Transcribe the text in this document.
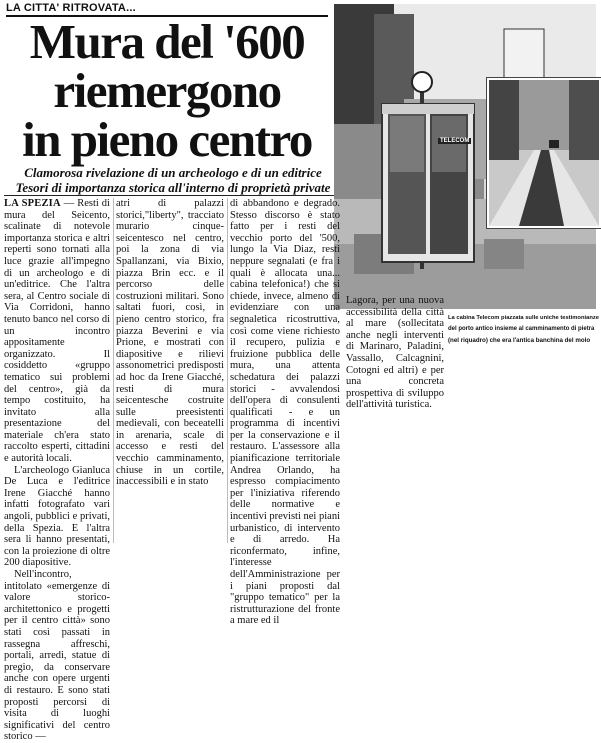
LA CITTA' RITROVATA...
Mura del '600
riemergono
in pieno centro
Clamorosa rivelazione di un archeologo e di un editrice
Tesori di importanza storica all'interno di proprietà private
TELECOM

LA SPEZIA — Resti di mura del Seicento, scalinate di notevole importanza storica e altri reperti sono tornati alla luce grazie all'impegno di un archeologo e di un'editrice. Che l'altra sera, al Centro sociale di Via Corridoni, hanno tenuto banco nel corso di un incontro appositamente organizzato. Il cosiddetto «gruppo tematico sui problemi del centro», già da tempo costituito, ha invitato alla presentazione del materiale ch'era stato raccolto esperti, cittadini e autorità locali.

L'archeologo Gianluca De Luca e l'editrice Irene Giacché hanno infatti fotografato vari angoli, pubblici e privati, della Spezia. E l'altra sera li hanno presentati, con la proiezione di oltre 200 diapositive.

Nell'incontro, intitolato «emergenze di valore storico-architettonico e progetti per il centro città» sono stati così passati in rassegna affreschi, portali, arredi, statue di pregio, da conservare anche con opere urgenti di restauro. E sono stati proposti percorsi di visita di luoghi significativi del centro storico —

atri di palazzi storici,"liberty", tracciato murario cinque-seicentesco nel centro, poi la zona di via Spallanzani, via Bixio, piazza Brin ecc. e il percorso delle costruzioni militari. Sono saltati fuori, così, in pieno centro storico, fra piazza Beverini e via Prione, e mostrati con diapositive e rilievi assonometrici predisposti ad hoc da Irene Giacché, resti di mura seicentesche costruite sulle preesistenti medievali, con beceatelli in arenaria, scale di accesso e resti del vecchio camminamento, chiuse in un cortile, inaccessibili e in stato

di abbandono e degrado. Stesso discorso è stato fatto per i resti del vecchio porto del '500, lungo la Via Diaz, resti neppure segnalati (e fra i quali è allocata una... cabina telefonica!) che si chiede, invece, almeno di evidenziare con una segnaletica ricostruttiva, così come viene richiesto il recupero, pulizia e fruizione pubblica delle mura, una attenta schedatura dei palazzi storici - avvalendosi dell'opera di consulenti qualificati - e un programma di incentivi per la conservazione e il restauro. L'assessore alla pianificazione territoriale Andrea Orlando, ha espresso compiacimento per l'iniziativa riferendo delle normative e incentivi previsti nei piani urbanistico, di intervento e di arredo. Ha riconfermato, infine, l'interesse dell'Amministrazione per i piani proposti dal "gruppo tematico" per la ristrutturazione del fronte a mare ed il

Lagora, per una nuova accessibilità della città al mare (sollecitata anche negli interventi di Marinaro, Paladini, Vassallo, Calcagnini, Cotogni ed altri) e per una concreta prospettiva di sviluppo dell'attività turistica.

La cabina Telecom piazzata sulle uniche testimonianze
del porto antico insieme al camminamento di pietra
(nel riquadro) che era l'antica banchina del molo
